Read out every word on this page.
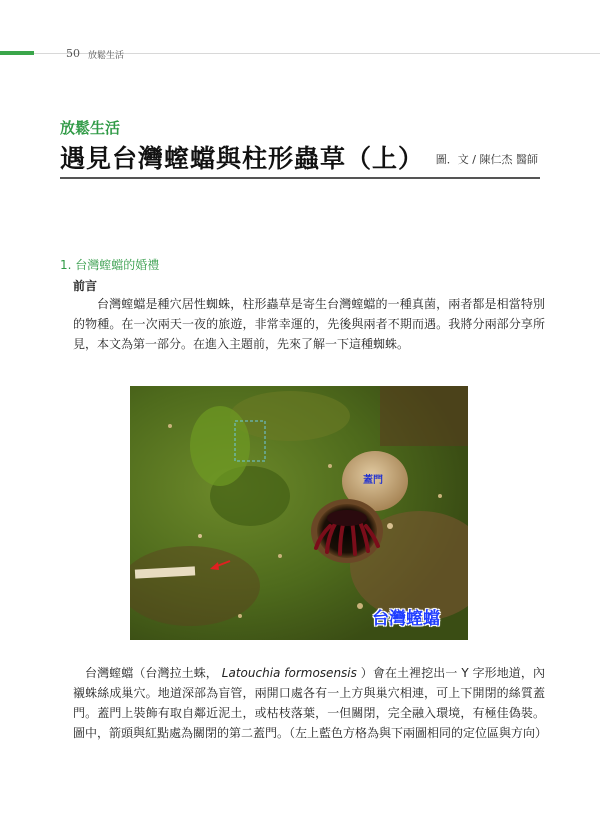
50 放鬆生活
放鬆生活
遇見台灣螲蟷與柱形蟲草（上） 圖．文 / 陳仁杰 醫師
1. 台灣螲蟷的婚禮
前言

台灣螲蟷是種穴居性蜘蛛，柱形蟲草是寄生台灣螲蟷的一種真菌，兩者都是相當特別的物種。在一次兩天一夜的旅遊，非常幸運的，先後與兩者不期而遇。我將分兩部分享所見，本文為第一部分。在進入主題前，先來了解一下這種蜘蛛。

蓋門
台灣螲蟷

台灣螲蟷（台灣拉土蛛， Latouchia formosensis ）會在土裡挖出一 Y 字形地道，內襯蛛絲成巢穴。地道深部為盲管，兩開口處各有一上方與巢穴相連，可上下開閉的絲質蓋門。蓋門上裝飾有取自鄰近泥土，或枯枝落葉，一但關閉，完全融入環境，有極佳偽裝。圖中，箭頭與紅點處為關閉的第二蓋門。（左上藍色方格為與下兩圖相同的定位區與方向）
